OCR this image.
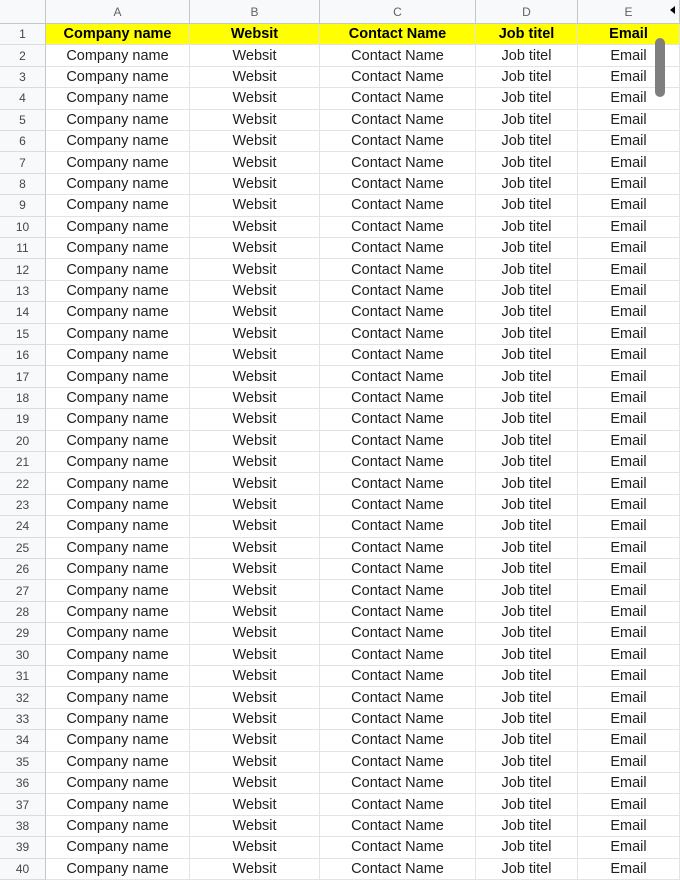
A	B	C	D	E
1	Company name	Websit	Contact Name	Job titel	Email
2	Company name	Websit	Contact Name	Job titel	Email
3	Company name	Websit	Contact Name	Job titel	Email
4	Company name	Websit	Contact Name	Job titel	Email
5	Company name	Websit	Contact Name	Job titel	Email
6	Company name	Websit	Contact Name	Job titel	Email
7	Company name	Websit	Contact Name	Job titel	Email
8	Company name	Websit	Contact Name	Job titel	Email
9	Company name	Websit	Contact Name	Job titel	Email
10	Company name	Websit	Contact Name	Job titel	Email
11	Company name	Websit	Contact Name	Job titel	Email
12	Company name	Websit	Contact Name	Job titel	Email
13	Company name	Websit	Contact Name	Job titel	Email
14	Company name	Websit	Contact Name	Job titel	Email
15	Company name	Websit	Contact Name	Job titel	Email
16	Company name	Websit	Contact Name	Job titel	Email
17	Company name	Websit	Contact Name	Job titel	Email
18	Company name	Websit	Contact Name	Job titel	Email
19	Company name	Websit	Contact Name	Job titel	Email
20	Company name	Websit	Contact Name	Job titel	Email
21	Company name	Websit	Contact Name	Job titel	Email
22	Company name	Websit	Contact Name	Job titel	Email
23	Company name	Websit	Contact Name	Job titel	Email
24	Company name	Websit	Contact Name	Job titel	Email
25	Company name	Websit	Contact Name	Job titel	Email
26	Company name	Websit	Contact Name	Job titel	Email
27	Company name	Websit	Contact Name	Job titel	Email
28	Company name	Websit	Contact Name	Job titel	Email
29	Company name	Websit	Contact Name	Job titel	Email
30	Company name	Websit	Contact Name	Job titel	Email
31	Company name	Websit	Contact Name	Job titel	Email
32	Company name	Websit	Contact Name	Job titel	Email
33	Company name	Websit	Contact Name	Job titel	Email
34	Company name	Websit	Contact Name	Job titel	Email
35	Company name	Websit	Contact Name	Job titel	Email
36	Company name	Websit	Contact Name	Job titel	Email
37	Company name	Websit	Contact Name	Job titel	Email
38	Company name	Websit	Contact Name	Job titel	Email
39	Company name	Websit	Contact Name	Job titel	Email
40	Company name	Websit	Contact Name	Job titel	Email
